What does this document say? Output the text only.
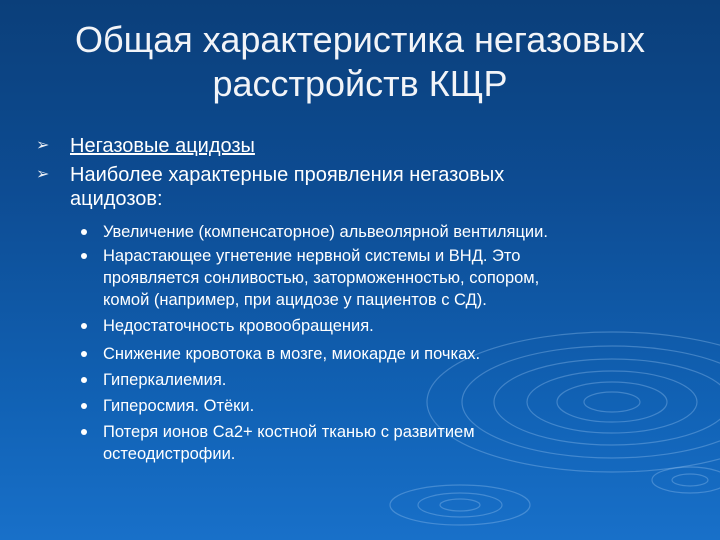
Общая характеристика негазовых
расстройств КЩР
➢ Негазовые ацидозы
➢ Наиболее характерные проявления негазовых
ацидозов:
Увеличение (компенсаторное) альвеолярной вентиляции.
Нарастающее угнетение нервной системы и ВНД. Это
проявляется сонливостью, заторможенностью, сопором,
комой (например, при ацидозе у пациентов с СД).
Недостаточность кровообращения.
Снижение кровотока в мозге, миокарде и почках.
Гиперкалиемия.
Гиперосмия. Отёки.
Потеря ионов Ca2+ костной тканью с развитием
остеодистрофии.
